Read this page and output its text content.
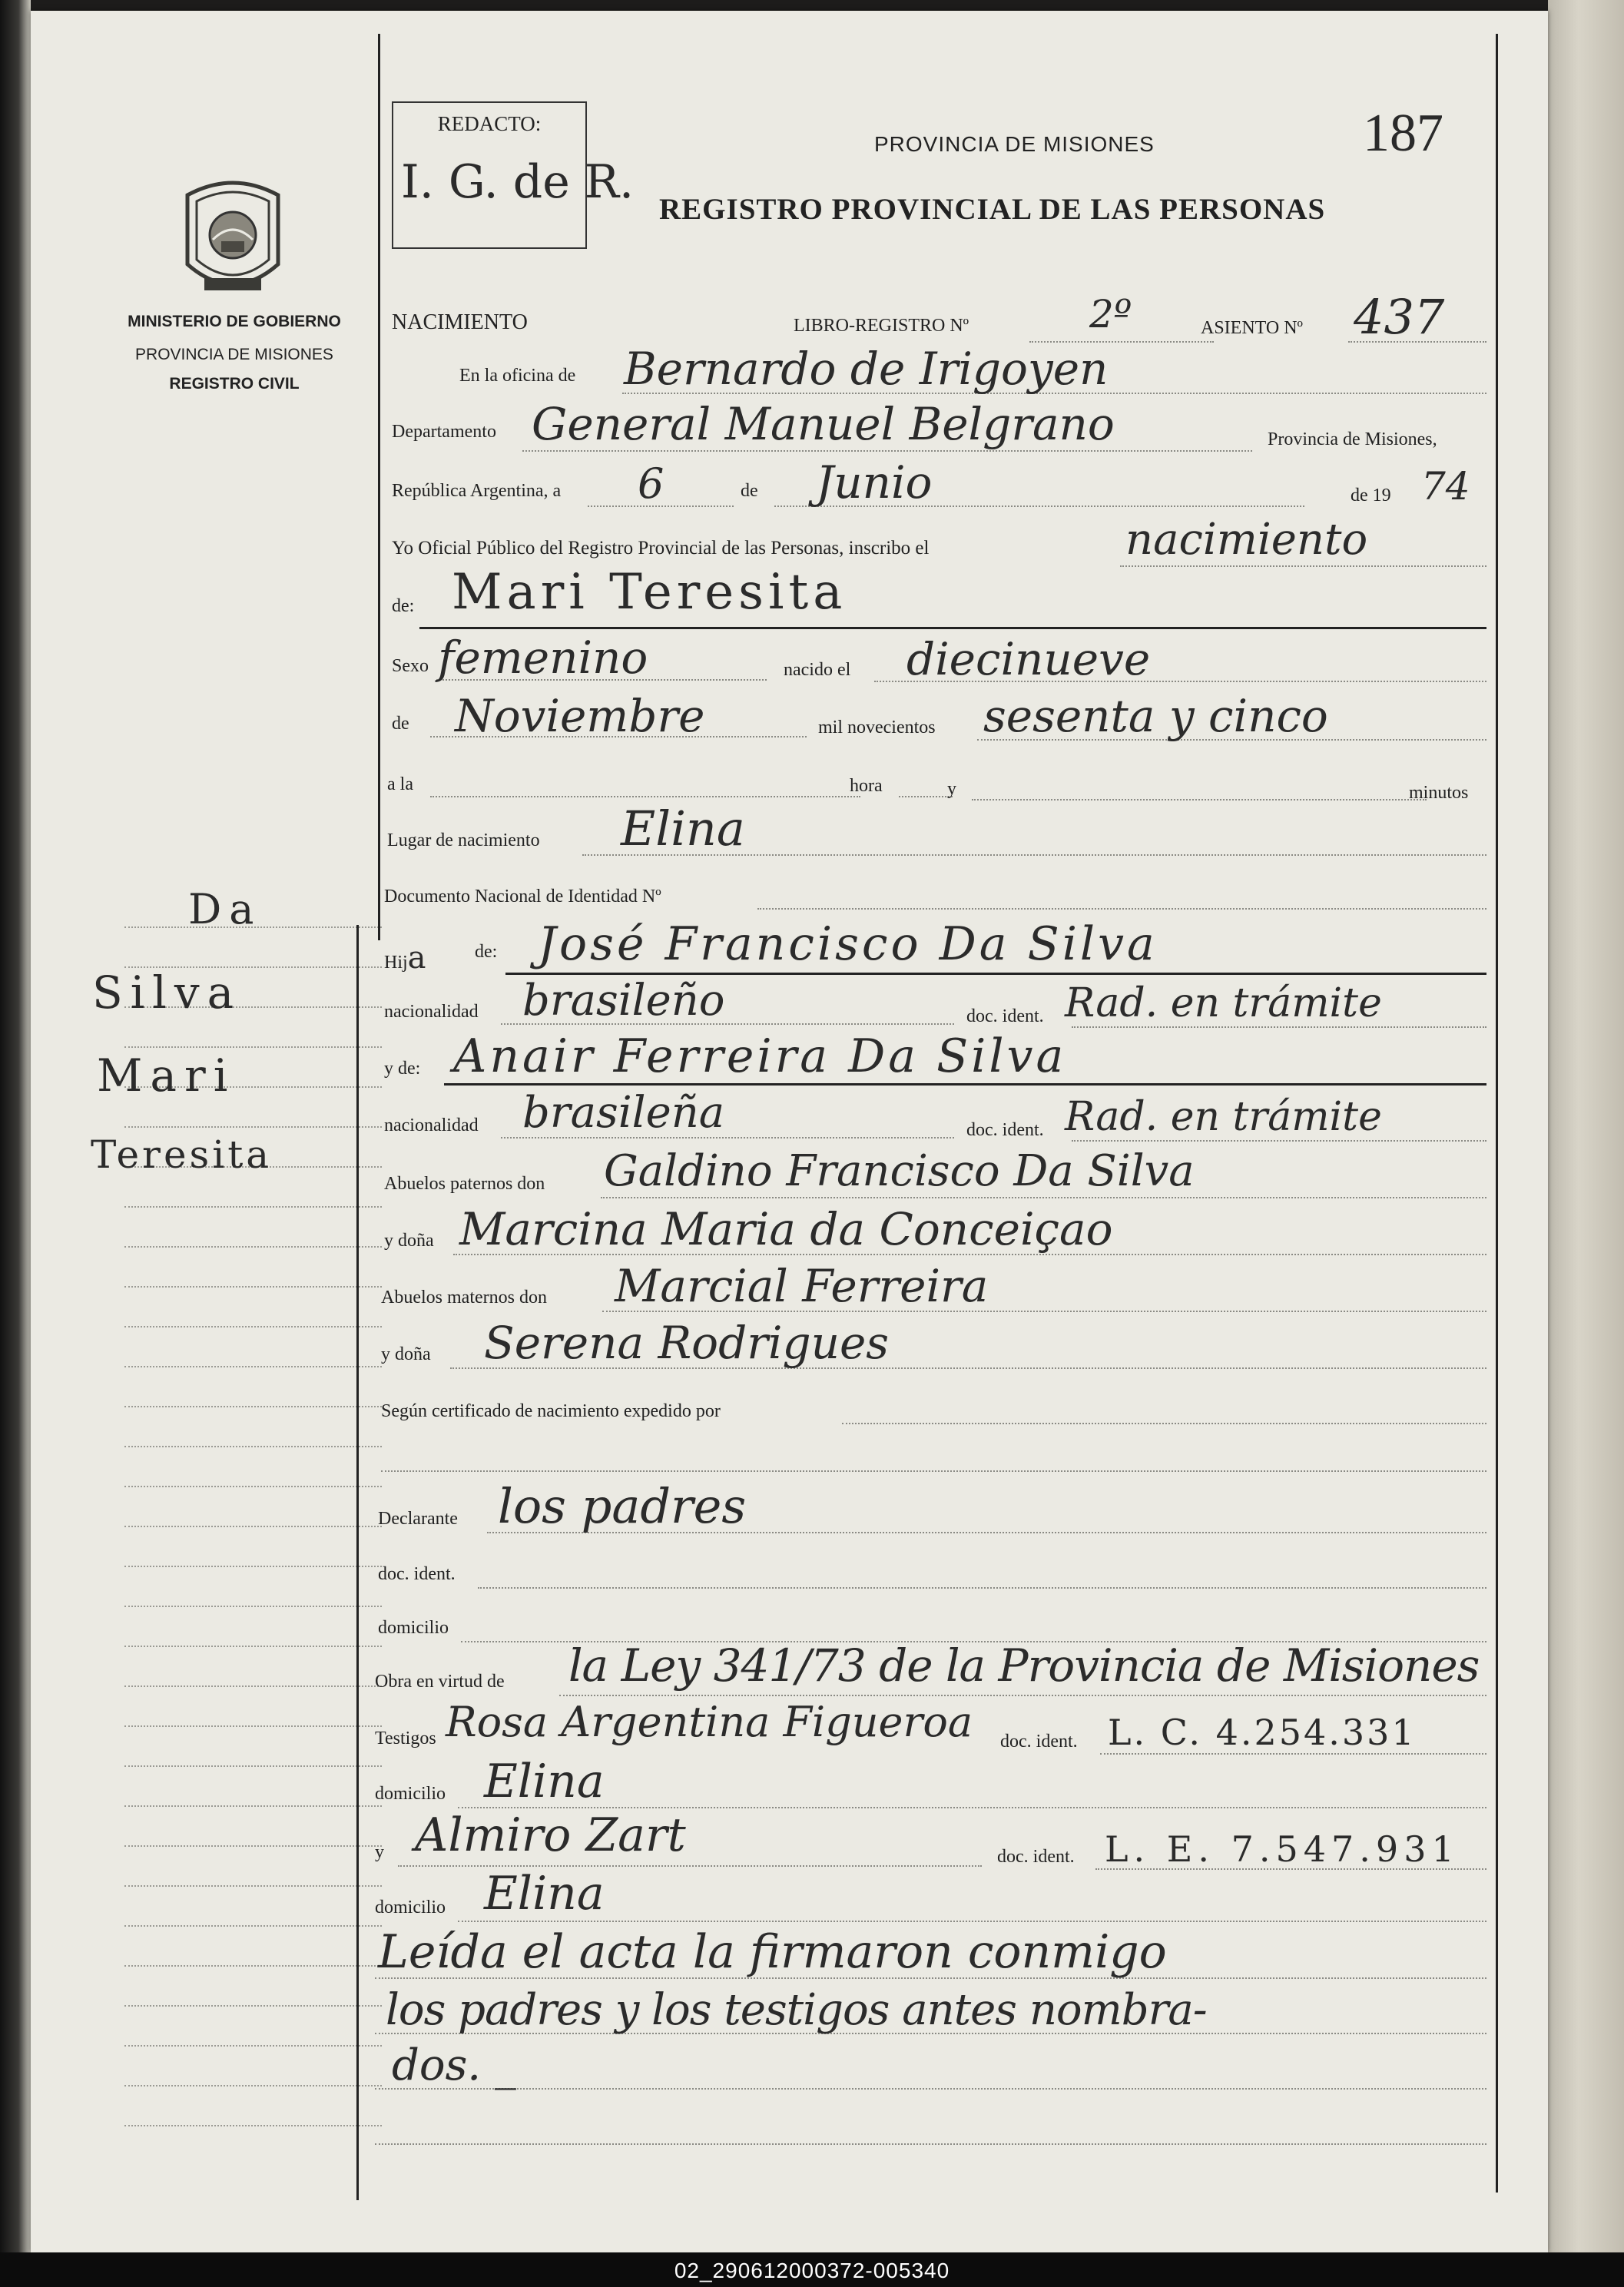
MINISTERIO DE GOBIERNO
PROVINCIA DE MISIONES
REGISTRO CIVIL
Da
Silva
Mari
Teresita
REDACTO:
I. G. de R.
187
PROVINCIA DE MISIONES
REGISTRO PROVINCIAL DE LAS PERSONAS
NACIMIENTO	LIBRO-REGISTRO Nº	2º	ASIENTO Nº 437
En la oficina de Bernardo de Irigoyen
Departamento General Manuel Belgrano	Provincia de Misiones,
República Argentina, a 6	de Junio	de 19 74
Yo Oficial Público del Registro Provincial de las Personas, inscribo el	nacimiento
de: Mari Teresita
Sexo femenino	nacido el diecinueve
de Noviembre	mil novecientos sesenta y cinco
a la	hora	y	minutos
Lugar de nacimiento Elina
Documento Nacional de Identidad Nº
Hija	de: José Francisco Da Silva
nacionalidad brasileño	doc. ident. Rad. en trámite
y de: Anair Ferreira Da Silva
nacionalidad brasileña	doc. ident. Rad. en trámite
Abuelos paternos don Galdino Francisco Da Silva
y doña Marcina Maria da Conceiçao
Abuelos maternos don Marcial Ferreira
y doña Serena Rodrigues
Según certificado de nacimiento expedido por
Declarante los padres
doc. ident.
domicilio
Obra en virtud de la Ley 341/73 de la Provincia de Misiones
Testigos Rosa Argentina Figueroa doc. ident. L. C. 4.254.331
domicilio Elina
y Almiro Zart	doc. ident. L. E. 7.547.931
domicilio Elina
Leída el acta la firmaron conmigo
los padres y los testigos antes nombra-
dos. _
02_290612000372-005340
